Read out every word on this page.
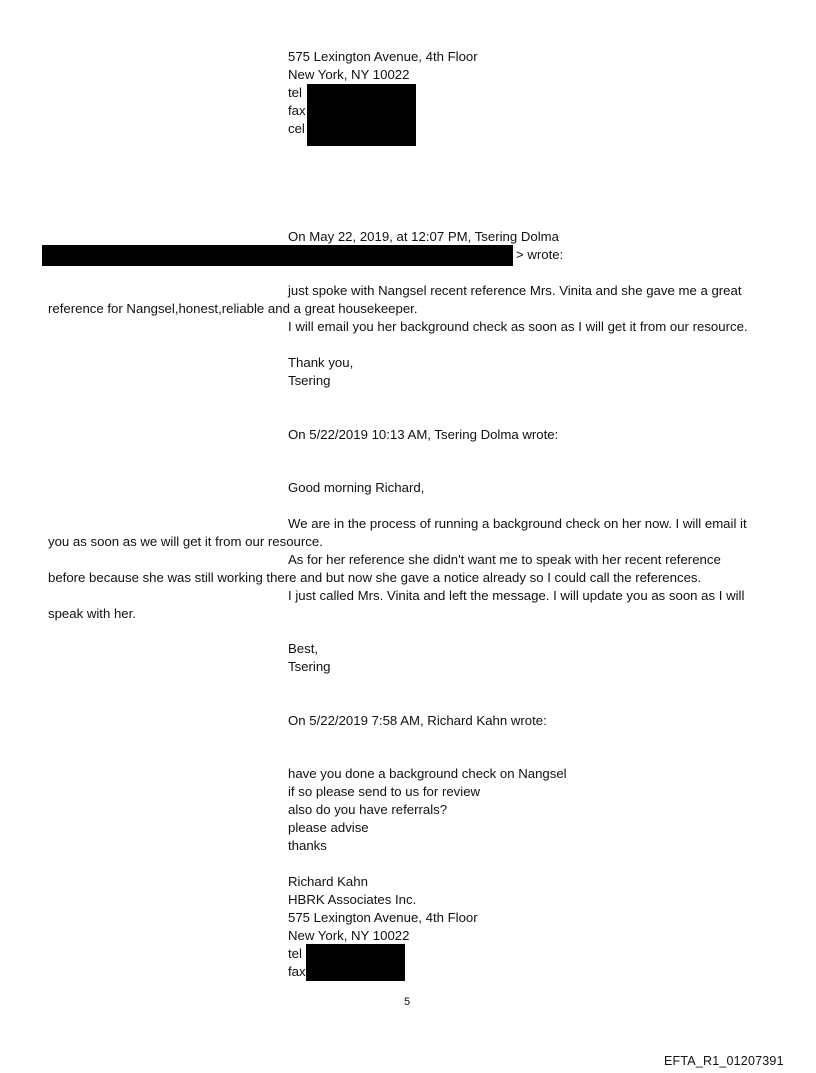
575 Lexington Avenue, 4th Floor
New York, NY 10022
tel
fax
cel
On May 22, 2019, at 12:07 PM, Tsering Dolma
> wrote:
just spoke with Nangsel recent reference Mrs. Vinita and she gave me a great
reference for Nangsel,honest,reliable and a great housekeeper.
I will email you her background check as soon as I will get it from our resource.
Thank you,
Tsering
On 5/22/2019 10:13 AM, Tsering Dolma wrote:
Good morning Richard,
We are in the process of running a background check on her now. I will email it
you as soon as we will get it from our resource.
As for her reference she didn't want me to speak with her recent reference
before because she was still working there and but now she gave a notice already so I could call the references.
I just called Mrs. Vinita and left the message. I will update you as soon as I will
speak with her.
Best,
Tsering
On 5/22/2019 7:58 AM, Richard Kahn wrote:
have you done a background check on Nangsel
if so please send to us for review
also do you have referrals?
please advise
thanks
Richard Kahn
HBRK Associates Inc.
575 Lexington Avenue, 4th Floor
New York, NY 10022
tel
fax
5
EFTA_R1_01207391
